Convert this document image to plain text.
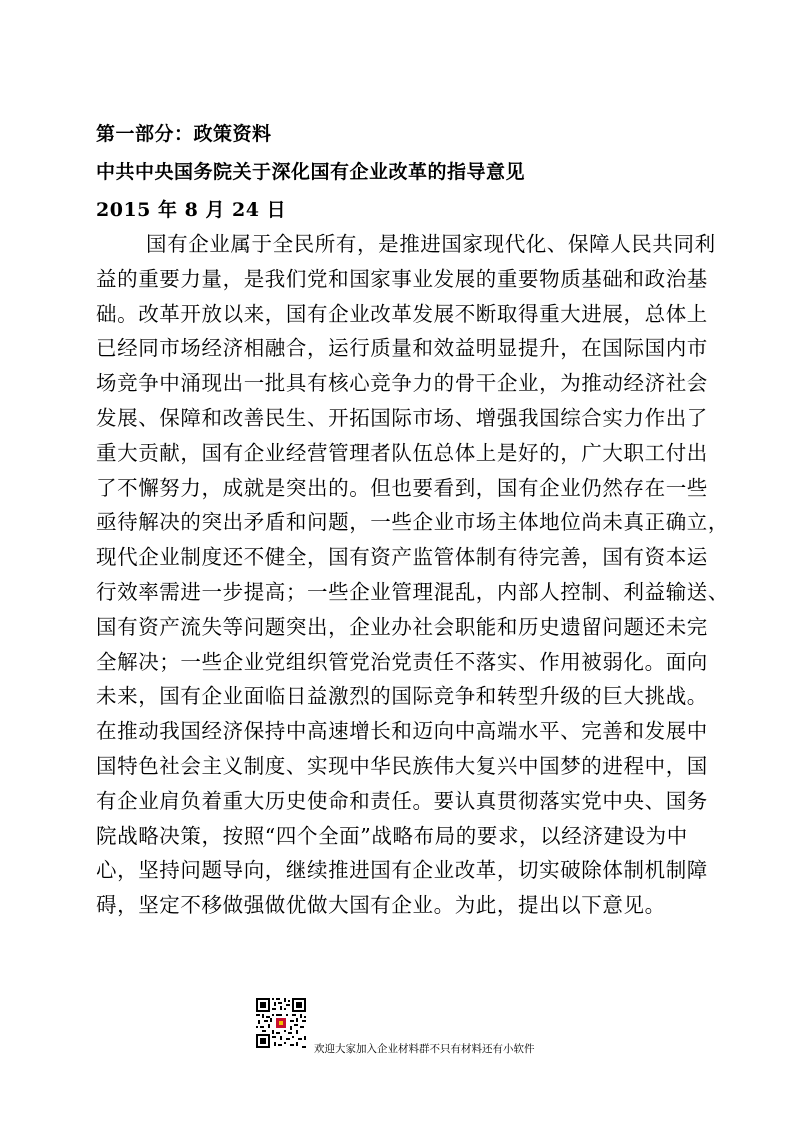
第一部分：政策资料
中共中央国务院关于深化国有企业改革的指导意见
2015 年 8 月 24 日
国有企业属于全民所有，是推进国家现代化、保障人民共同利
益的重要力量，是我们党和国家事业发展的重要物质基础和政治基
础。改革开放以来，国有企业改革发展不断取得重大进展，总体上
已经同市场经济相融合，运行质量和效益明显提升，在国际国内市
场竞争中涌现出一批具有核心竞争力的骨干企业，为推动经济社会
发展、保障和改善民生、开拓国际市场、增强我国综合实力作出了
重大贡献，国有企业经营管理者队伍总体上是好的，广大职工付出
了不懈努力，成就是突出的。但也要看到，国有企业仍然存在一些
亟待解决的突出矛盾和问题，一些企业市场主体地位尚未真正确立，
现代企业制度还不健全，国有资产监管体制有待完善，国有资本运
行效率需进一步提高；一些企业管理混乱，内部人控制、利益输送、
国有资产流失等问题突出，企业办社会职能和历史遗留问题还未完
全解决；一些企业党组织管党治党责任不落实、作用被弱化。面向
未来，国有企业面临日益激烈的国际竞争和转型升级的巨大挑战。
在推动我国经济保持中高速增长和迈向中高端水平、完善和发展中
国特色社会主义制度、实现中华民族伟大复兴中国梦的进程中，国
有企业肩负着重大历史使命和责任。要认真贯彻落实党中央、国务
院战略决策，按照“四个全面”战略布局的要求，以经济建设为中
心，坚持问题导向，继续推进国有企业改革，切实破除体制机制障
碍，坚定不移做强做优做大国有企业。为此，提出以下意见。
欢迎大家加入企业材料群不只有材料还有小软件
